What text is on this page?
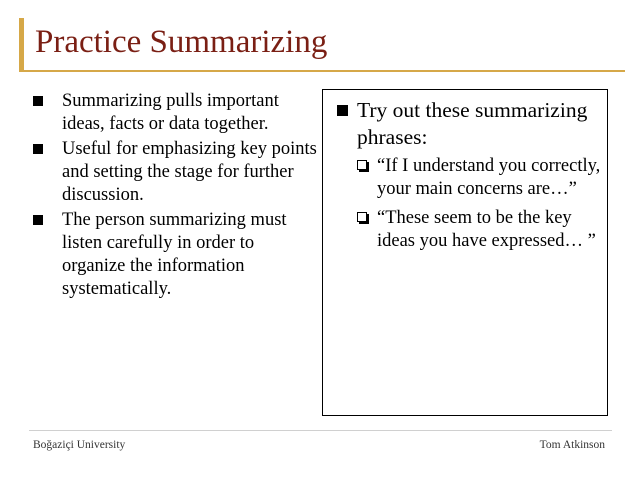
Practice Summarizing
Summarizing pulls important ideas, facts or data together.
Useful for emphasizing key points and setting the stage for further discussion.
The person summarizing must listen carefully in order to organize the information systematically.
Try out these summarizing phrases:
“If I understand you correctly, your main concerns are…”
“These seem to be the key ideas you have expressed… ”
Boğaziçi University	Tom Atkinson
